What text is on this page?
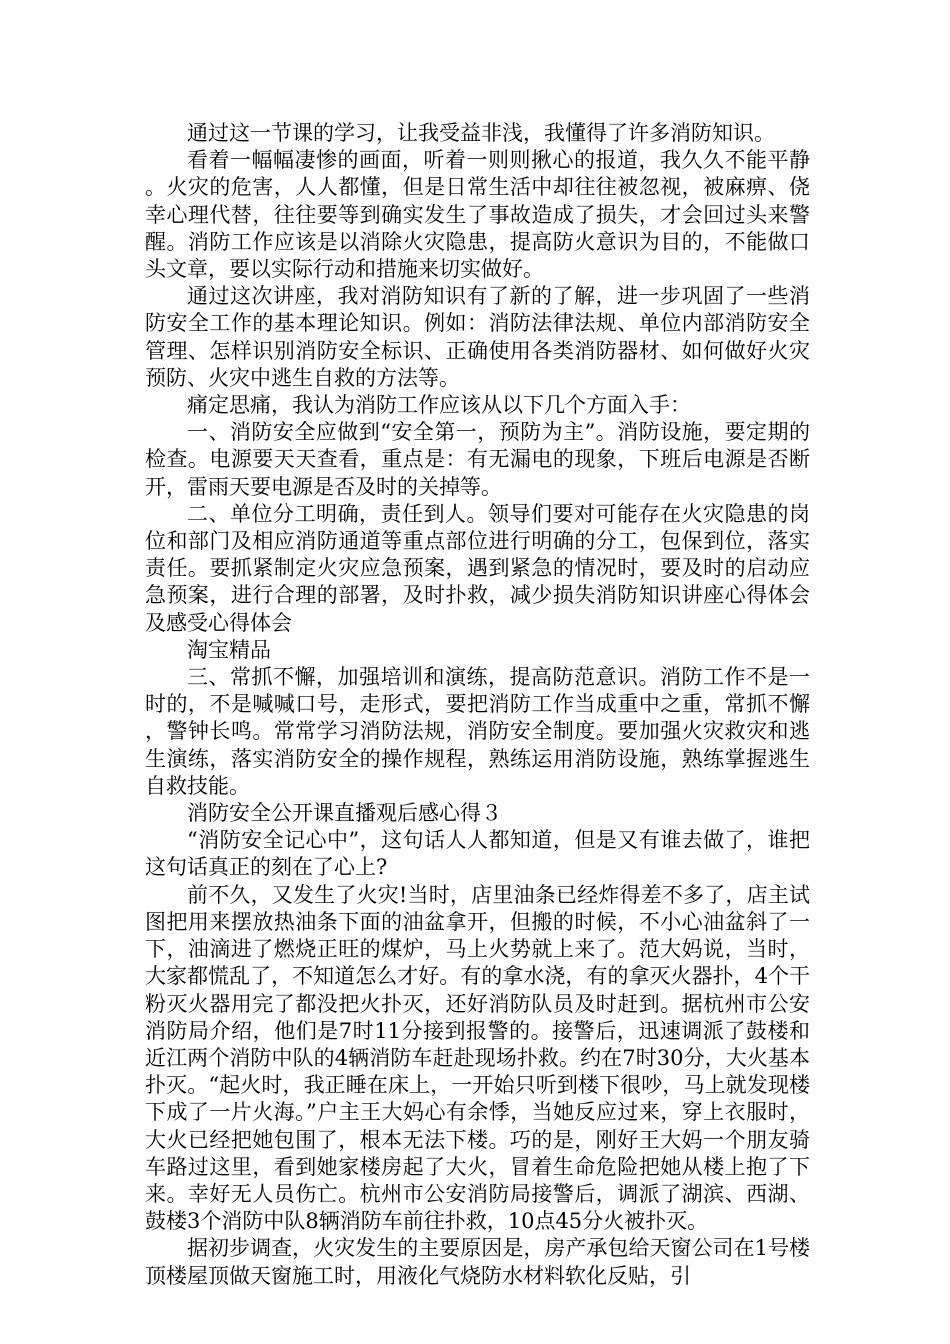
通过这一节课的学习，让我受益非浅，我懂得了许多消防知识。

看着一幅幅凄惨的画面，听着一则则揪心的报道，我久久不能平静。火灾的危害，人人都懂，但是日常生活中却往往被忽视，被麻痹、侥幸心理代替，往往要等到确实发生了事故造成了损失，才会回过头来警醒。消防工作应该是以消除火灾隐患，提高防火意识为目的，不能做口头文章，要以实际行动和措施来切实做好。

通过这次讲座，我对消防知识有了新的了解，进一步巩固了一些消防安全工作的基本理论知识。例如：消防法律法规、单位内部消防安全管理、怎样识别消防安全标识、正确使用各类消防器材、如何做好火灾预防、火灾中逃生自救的方法等。

痛定思痛，我认为消防工作应该从以下几个方面入手：

一、消防安全应做到“安全第一，预防为主”。消防设施，要定期的检查。电源要天天查看，重点是：有无漏电的现象，下班后电源是否断开，雷雨天要电源是否及时的关掉等。

二、单位分工明确，责任到人。领导们要对可能存在火灾隐患的岗位和部门及相应消防通道等重点部位进行明确的分工，包保到位，落实责任。要抓紧制定火灾应急预案，遇到紧急的情况时，要及时的启动应急预案，进行合理的部署，及时扑救，减少损失消防知识讲座心得体会及感受心得体会

淘宝精品

三、常抓不懈，加强培训和演练，提高防范意识。消防工作不是一时的，不是喊喊口号，走形式，要把消防工作当成重中之重，常抓不懈，警钟长鸣。常常学习消防法规，消防安全制度。要加强火灾救灾和逃生演练，落实消防安全的操作规程，熟练运用消防设施，熟练掌握逃生自救技能。

消防安全公开课直播观后感心得３

“消防安全记心中”，这句话人人都知道，但是又有谁去做了，谁把这句话真正的刻在了心上?

前不久，又发生了火灾!当时，店里油条已经炸得差不多了，店主试图把用来摆放热油条下面的油盆拿开，但搬的时候，不小心油盆斜了一下，油滴进了燃烧正旺的煤炉，马上火势就上来了。范大妈说，当时，大家都慌乱了，不知道怎么才好。有的拿水浇，有的拿灭火器扑，4个干粉灭火器用完了都没把火扑灭，还好消防队员及时赶到。据杭州市公安消防局介绍，他们是7时11分接到报警的。接警后，迅速调派了鼓楼和近江两个消防中队的4辆消防车赶赴现场扑救。约在7时30分，大火基本扑灭。“起火时，我正睡在床上，一开始只听到楼下很吵，马上就发现楼下成了一片火海。”户主王大妈心有余悸，当她反应过来，穿上衣服时，大火已经把她包围了，根本无法下楼。巧的是，刚好王大妈一个朋友骑车路过这里，看到她家楼房起了大火，冒着生命危险把她从楼上抱了下来。幸好无人员伤亡。杭州市公安消防局接警后，调派了湖滨、西湖、鼓楼3个消防中队8辆消防车前往扑救，10点45分火被扑灭。

据初步调查，火灾发生的主要原因是，房产承包给天窗公司在1号楼顶楼屋顶做天窗施工时，用液化气烧防水材料软化反贴，引
